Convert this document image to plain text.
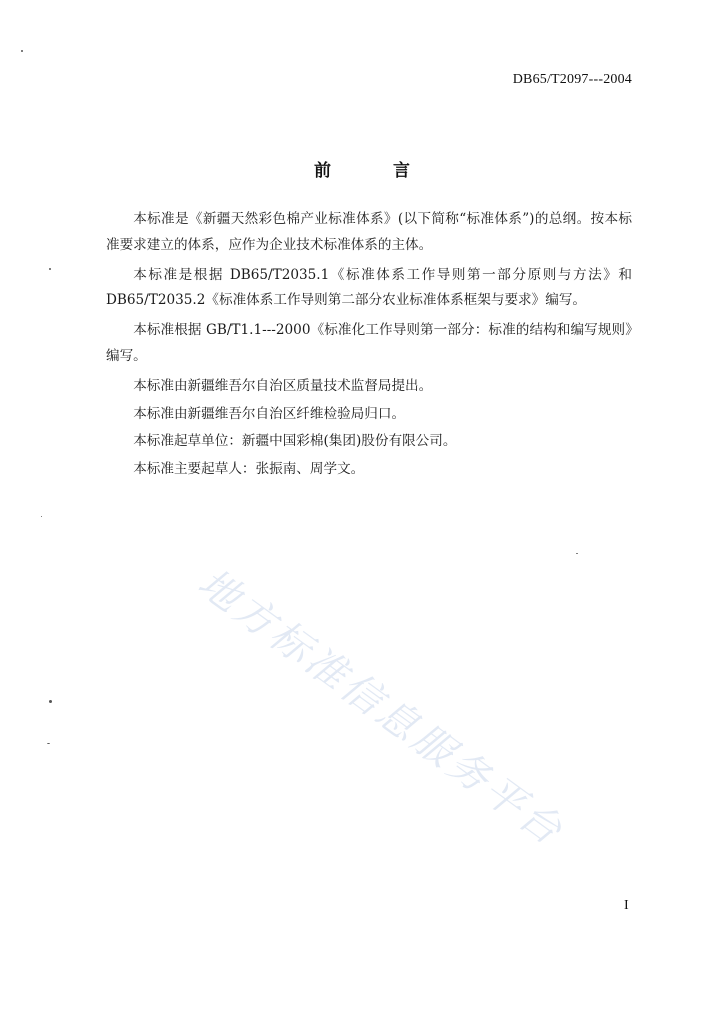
DB65/T2097---2004
前	言

本标准是《新疆天然彩色棉产业标准体系》(以下简称“标准体系”)的总纲。按本标准要求建立的体系，应作为企业技术标准体系的主体。

本标准是根据 DB65/T2035.1《标准体系工作导则第一部分原则与方法》和DB65/T2035.2《标准体系工作导则第二部分农业标准体系框架与要求》编写。

本标准根据 GB/T1.1---2000《标准化工作导则第一部分：标准的结构和编写规则》编写。

本标准由新疆维吾尔自治区质量技术监督局提出。

本标准由新疆维吾尔自治区纤维检验局归口。

本标准起草单位：新疆中国彩棉(集团)股份有限公司。

本标准主要起草人：张振南、周学文。

地方标准信息服务平台
I
